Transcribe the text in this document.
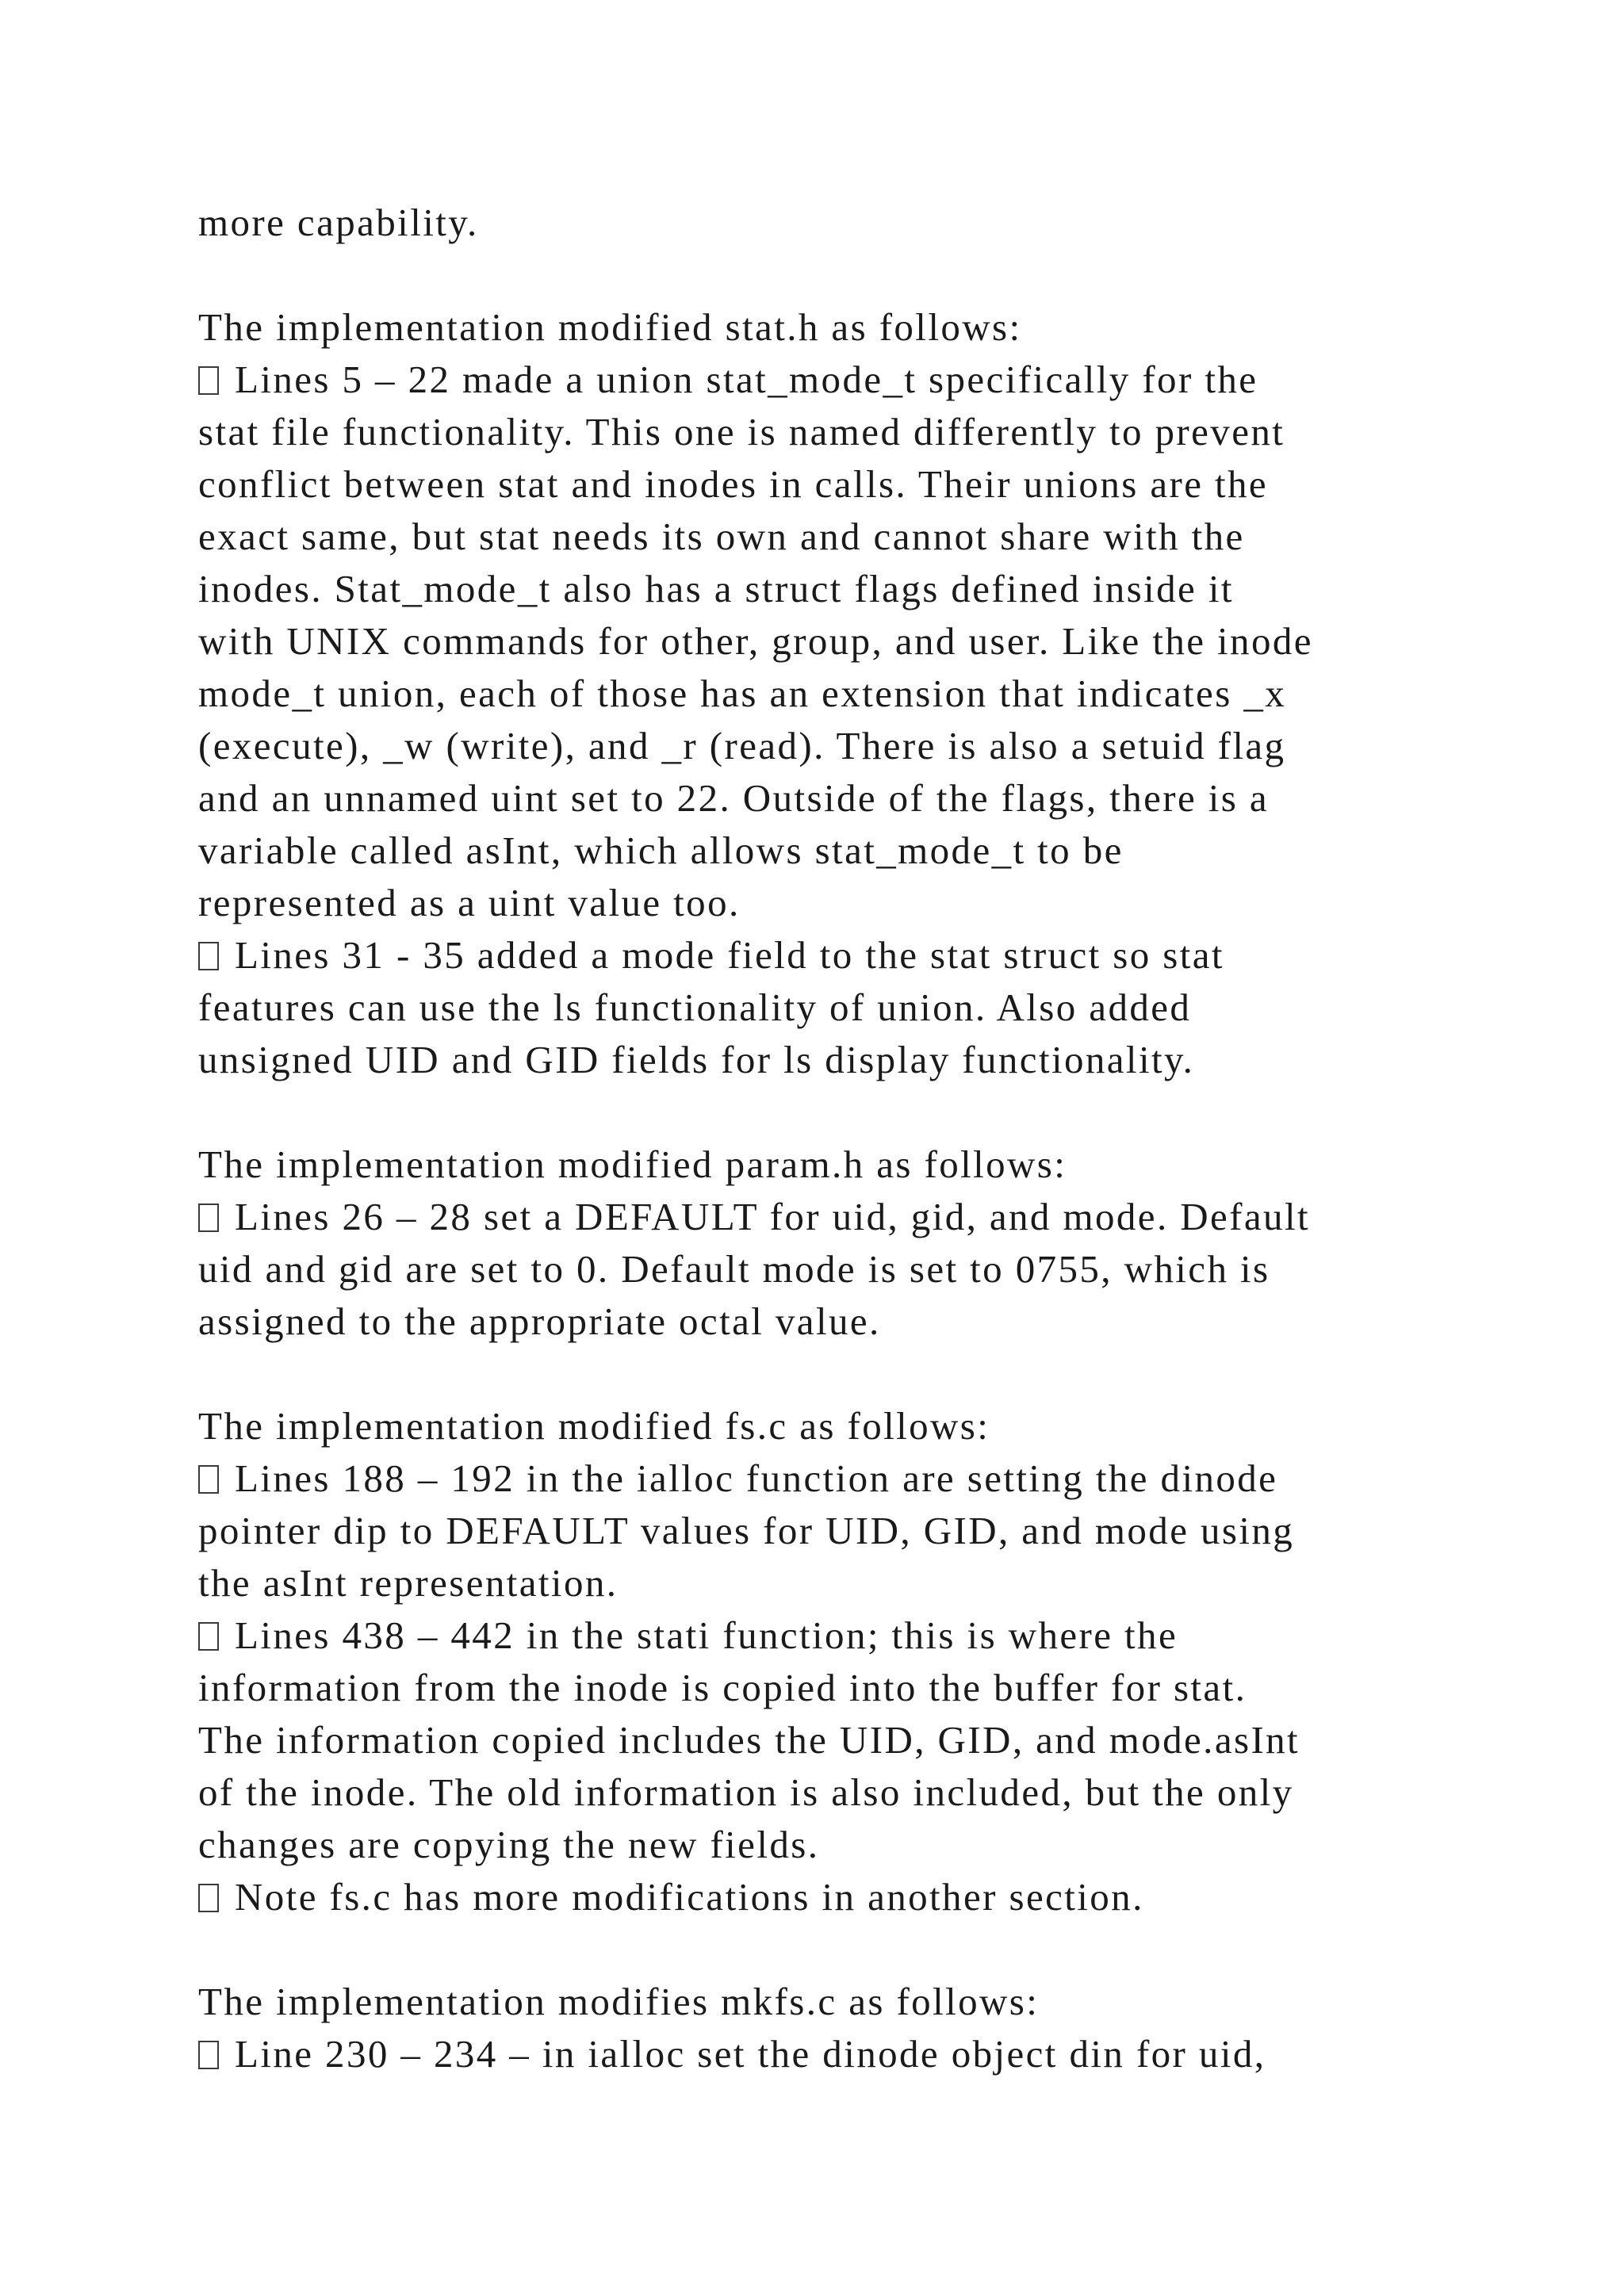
more capability.
The implementation modified stat.h as follows:
Lines 5 – 22 made a union stat_mode_t specifically for the
stat file functionality. This one is named differently to prevent
conflict between stat and inodes in calls. Their unions are the
exact same, but stat needs its own and cannot share with the
inodes. Stat_mode_t also has a struct flags defined inside it
with UNIX commands for other, group, and user. Like the inode
mode_t union, each of those has an extension that indicates _x
(execute), _w (write), and _r (read). There is also a setuid flag
and an unnamed uint set to 22. Outside of the flags, there is a
variable called asInt, which allows stat_mode_t to be
represented as a uint value too.
Lines 31 - 35 added a mode field to the stat struct so stat
features can use the ls functionality of union. Also added
unsigned UID and GID fields for ls display functionality.
The implementation modified param.h as follows:
Lines 26 – 28 set a DEFAULT for uid, gid, and mode. Default
uid and gid are set to 0. Default mode is set to 0755, which is
assigned to the appropriate octal value.
The implementation modified fs.c as follows:
Lines 188 – 192 in the ialloc function are setting the dinode
pointer dip to DEFAULT values for UID, GID, and mode using
the asInt representation.
Lines 438 – 442 in the stati function; this is where the
information from the inode is copied into the buffer for stat.
The information copied includes the UID, GID, and mode.asInt
of the inode. The old information is also included, but the only
changes are copying the new fields.
Note fs.c has more modifications in another section.
The implementation modifies mkfs.c as follows:
Line 230 – 234 – in ialloc set the dinode object din for uid,
